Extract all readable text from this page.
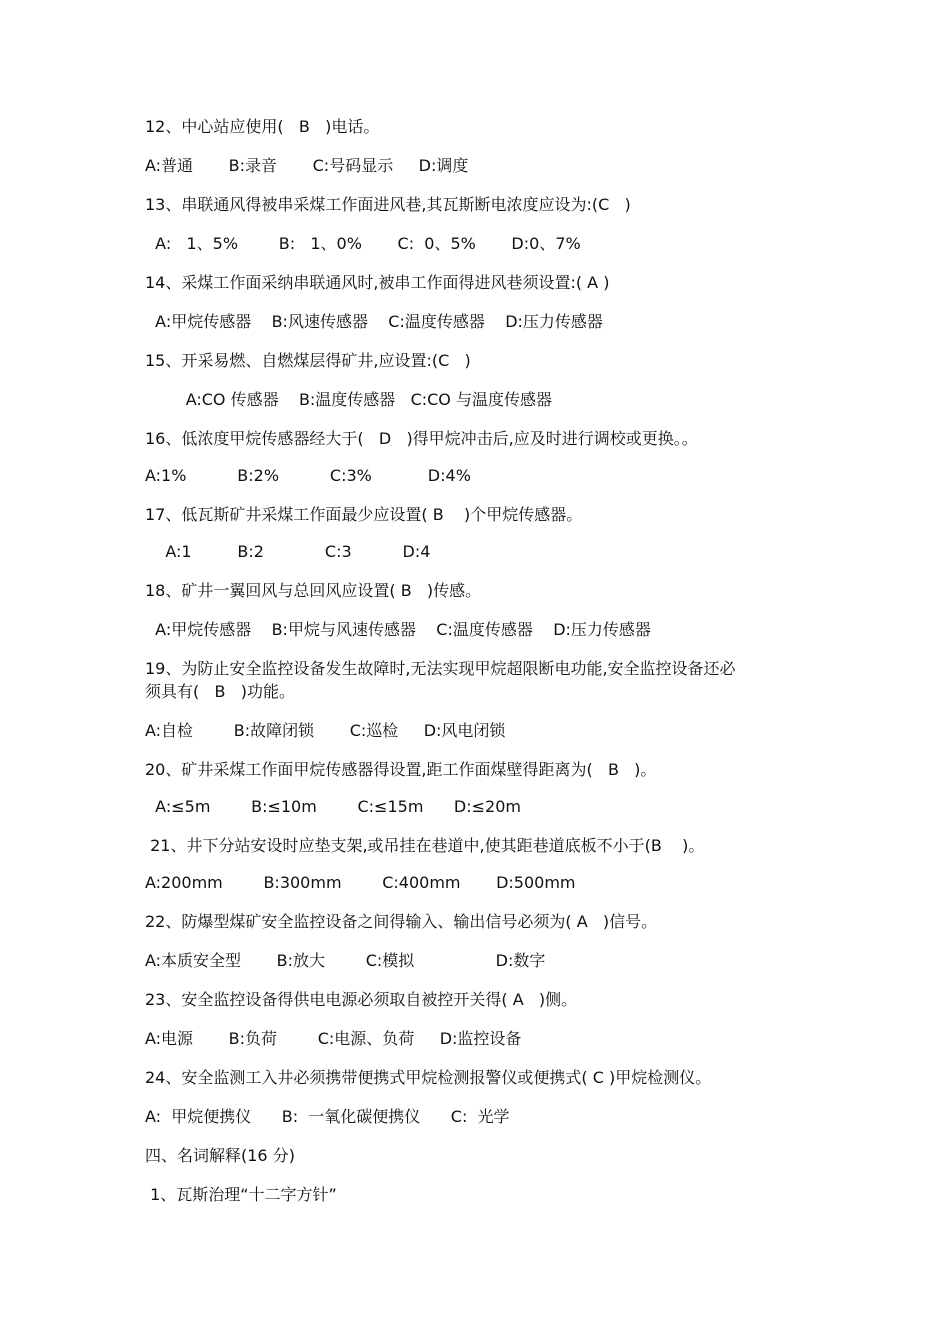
12、中心站应使用(   B   )电话。
A:普通       B:录音       C:号码显示     D:调度
13、串联通风得被串采煤工作面进风巷,其瓦斯断电浓度应设为:(C   )
A:   1、5%        B:   1、0%       C:  0、5%       D:0、7%
14、采煤工作面采纳串联通风时,被串工作面得进风巷须设置:( A )
A:甲烷传感器    B:风速传感器    C:温度传感器    D:压力传感器
15、开采易燃、自燃煤层得矿井,应设置:(C   )
A:CO 传感器    B:温度传感器   C:CO 与温度传感器
16、低浓度甲烷传感器经大于(   D   )得甲烷冲击后,应及时进行调校或更换。。
A:1%          B:2%          C:3%           D:4%
17、低瓦斯矿井采煤工作面最少应设置( B    )个甲烷传感器。
A:1         B:2            C:3          D:4
18、矿井一翼回风与总回风应设置( B   )传感。
A:甲烷传感器    B:甲烷与风速传感器    C:温度传感器    D:压力传感器
19、为防止安全监控设备发生故障时,无法实现甲烷超限断电功能,安全监控设备还必
须具有(   B   )功能。
A:自检        B:故障闭锁       C:巡检     D:风电闭锁
20、矿井采煤工作面甲烷传感器得设置,距工作面煤壁得距离为(   B   )。
A:≤5m        B:≤10m        C:≤15m      D:≤20m
21、井下分站安设时应垫支架,或吊挂在巷道中,使其距巷道底板不小于(B    )。
A:200mm        B:300mm        C:400mm       D:500mm
22、防爆型煤矿安全监控设备之间得输入、输出信号必须为( A   )信号。
A:本质安全型       B:放大        C:模拟                D:数字
23、安全监控设备得供电电源必须取自被控开关得( A   )侧。
A:电源       B:负荷        C:电源、负荷     D:监控设备
24、安全监测工入井必须携带便携式甲烷检测报警仪或便携式( C )甲烷检测仪。
A:  甲烷便携仪      B:  一氧化碳便携仪      C:  光学
四、名词解释(16 分)
1、瓦斯治理“十二字方针”
